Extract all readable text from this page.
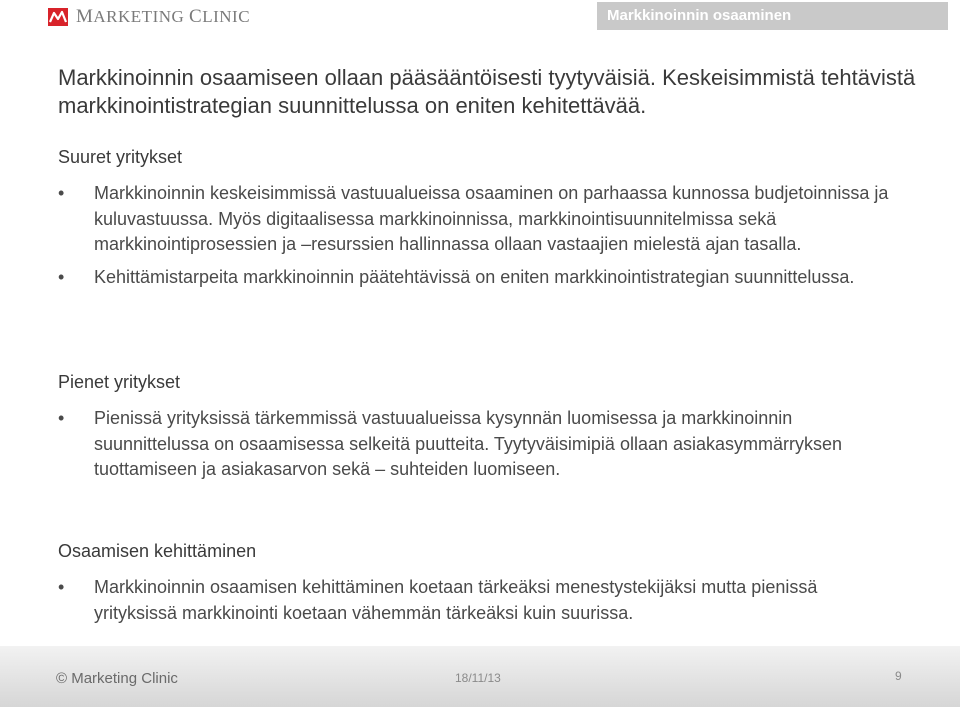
MARKETING CLINIC	Markkinoinnin osaaminen
Markkinoinnin osaamiseen ollaan pääsääntöisesti tyytyväisiä. Keskeisimmistä tehtävistä markkinointistrategian suunnittelussa on eniten kehitettävää.
Suuret yritykset
• Markkinoinnin keskeisimmissä vastuualueissa osaaminen on parhaassa kunnossa budjetoinnissa ja kuluvastuussa. Myös digitaalisessa markkinoinnissa, markkinointisuunnitelmissa sekä markkinointiprosessien ja –resurssien hallinnassa ollaan vastaajien mielestä ajan tasalla.
• Kehittämistarpeita markkinoinnin päätehtävissä on eniten markkinointistrategian suunnittelussa.
Pienet yritykset
• Pienissä yrityksissä tärkemmissä vastuualueissa kysynnän luomisessa ja markkinoinnin suunnittelussa on osaamisessa selkeitä puutteita. Tyytyväisimipiä ollaan asiakasymmärryksen tuottamiseen ja asiakasarvon sekä – suhteiden luomiseen.
Osaamisen kehittäminen
• Markkinoinnin osaamisen kehittäminen koetaan tärkeäksi menestystekijäksi mutta pienissä yrityksissä markkinointi koetaan vähemmän tärkeäksi kuin suurissa.
© Marketing Clinic	18/11/13	9
